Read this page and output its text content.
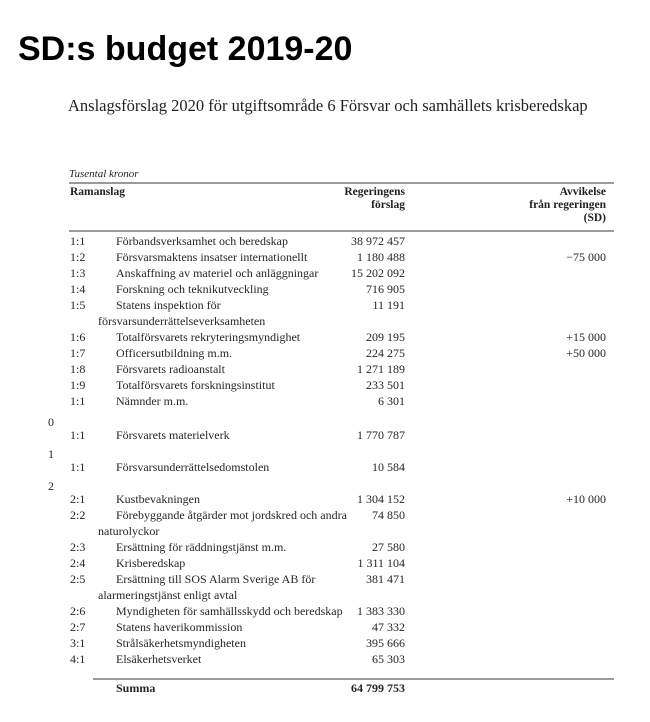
SD:s budget 2019-20
Anslagsförslag 2020 för utgiftsområde 6 Försvar och samhällets krisberedskap
Tusental kronor
Ramanslag	Regeringens
förslag
Avvikelse
från regeringen
(SD)
1:1	Förbandsverksamhet och beredskap	38 972 457
1:2	Försvarsmaktens insatser internationellt	1 180 488	−75 000
1:3	Anskaffning av materiel och anläggningar	15 202 092
1:4	Forskning och teknikutveckling	716 905
1:5	Statens inspektion för	11 191
försvarsunderrättelseverksamheten
1:6	Totalförsvarets rekryteringsmyndighet	209 195	+15 000
1:7	Officersutbildning m.m.	224 275	+50 000
1:8	Försvarets radioanstalt	1 271 189
1:9	Totalförsvarets forskningsinstitut	233 501
1:1	Nämnder m.m.	6 301
0
1:1	Försvarets materielverk	1 770 787
1
1:1	Försvarsunderrättelsedomstolen	10 584
2
2:1	Kustbevakningen	1 304 152	+10 000
2:2	Förebyggande åtgärder mot jordskred och andra 74 850
naturolyckor
2:3	Ersättning för räddningstjänst m.m.	27 580
2:4	Krisberedskap	1 311 104
2:5	Ersättning till SOS Alarm Sverige AB för	381 471
alarmeringstjänst enligt avtal
2:6	Myndigheten för samhällsskydd och beredskap 1 383 330
2:7	Statens haverikommission	47 332
3:1	Strålsäkerhetsmyndigheten	395 666
4:1	Elsäkerhetsverket	65 303
Summa	64 799 753
